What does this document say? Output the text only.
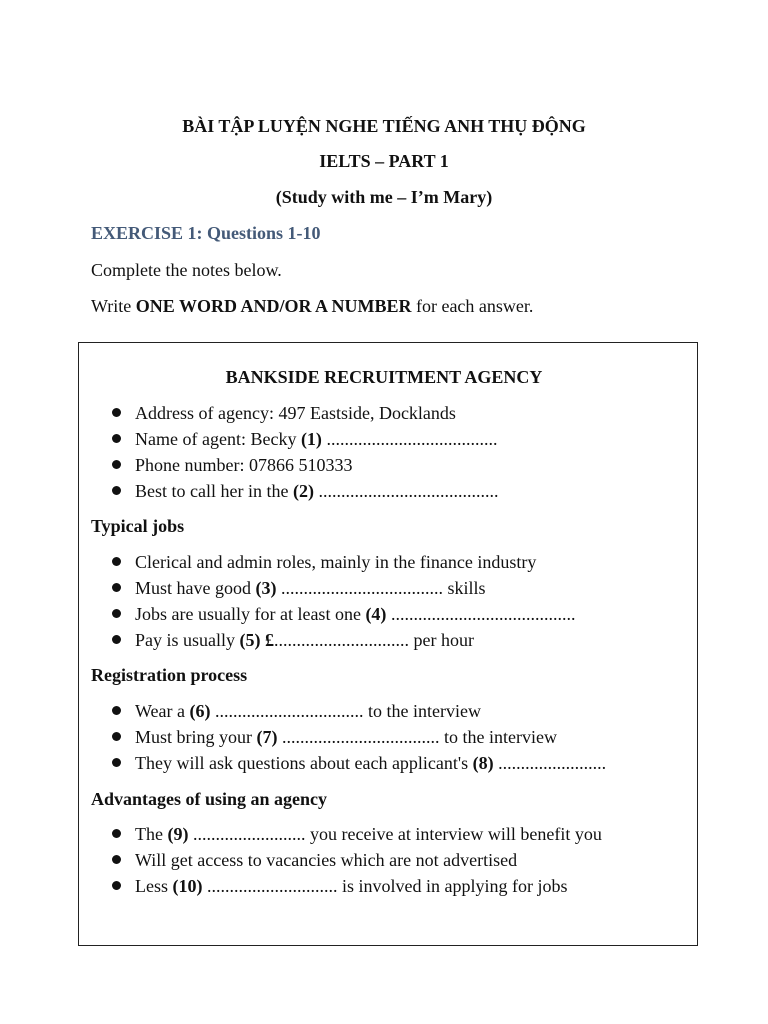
BÀI TẬP LUYỆN NGHE TIẾNG ANH THỤ ĐỘNG
IELTS – PART 1
(Study with me – I’m Mary)
EXERCISE 1: Questions 1-10
Complete the notes below.
Write ONE WORD AND/OR A NUMBER for each answer.
BANKSIDE RECRUITMENT AGENCY
Address of agency: 497 Eastside, Docklands
Name of agent: Becky (1) ......................................
Phone number: 07866 510333
Best to call her in the (2) ........................................
Typical jobs
Clerical and admin roles, mainly in the finance industry
Must have good (3) .................................... skills
Jobs are usually for at least one (4) .........................................
Pay is usually (5) £.............................. per hour
Registration process
Wear a (6) ................................. to the interview
Must bring your (7) ................................... to the interview
They will ask questions about each applicant's (8) ........................
Advantages of using an agency
The (9) ......................... you receive at interview will benefit you
Will get access to vacancies which are not advertised
Less (10) ............................. is involved in applying for jobs
